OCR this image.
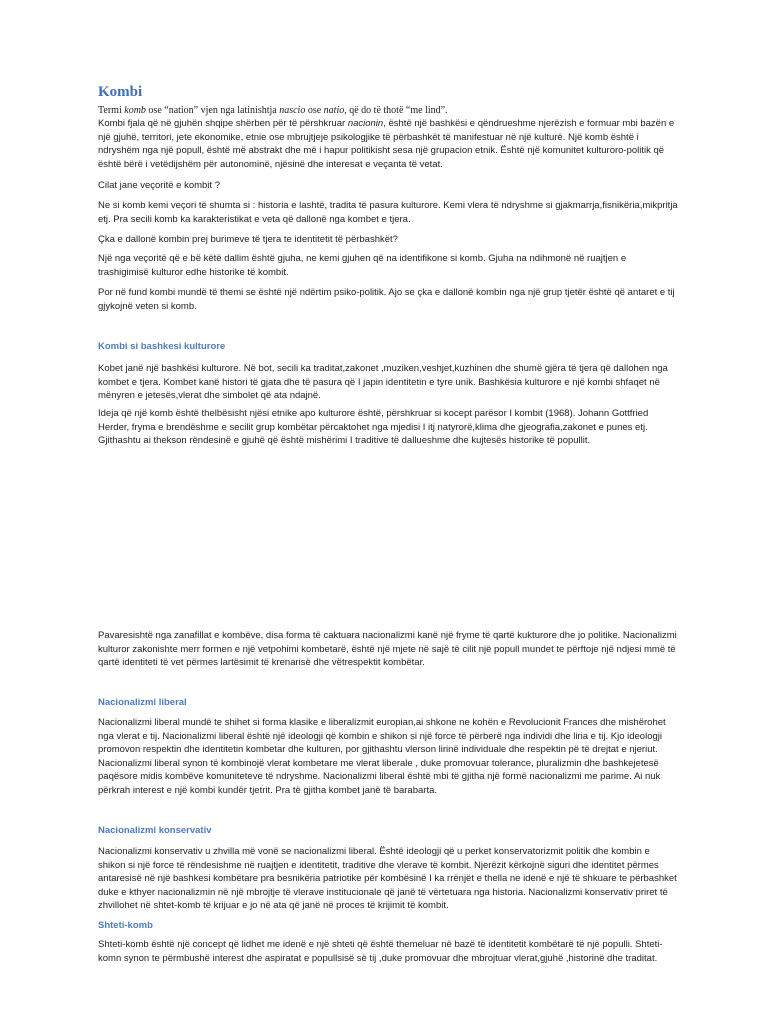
Kombi

Termi komb ose “nation” vjen nga latinishtja nascio ose natio, që do të thotë “me lind”.

Kombi fjala që në gjuhën shqipe shërben për të përshkruar nacionin, është një bashkësi e qëndrueshme njerëzish e formuar mbi bazën e një gjuhë, territori, jete ekonomike, etnie ose mbrujtjeje psikologjike të përbashkët të manifestuar në një kulturë. Një komb është i ndryshëm nga një popull, është më abstrakt dhe më i hapur politikisht sesa një grupacion etnik. Është një komunitet kulturoro-politik që është bërë i vetëdijshëm për autonominë, njësinë dhe interesat e veçanta të vetat.

Cilat jane veçoritë e kombit ?

Ne si komb kemi veçori të shumta si : historia e lashtë, tradita të pasura kulturore. Kemi vlera të ndryshme si gjakmarrja,fisnikëria,mikpritja etj. Pra secili komb ka karakteristikat e veta që dallonë nga kombet e tjera.

Çka e dallonë kombin prej burimeve të tjera te identitetit të përbashkët?

Një nga veçoritë që e bë këtë dallim është gjuha, ne kemi gjuhen që na identifikone si komb. Gjuha na ndihmonë në ruajtjen e trashigimisë kulturor edhe historike të kombit.

Por në fund kombi mundë të themi se është një ndërtim psiko-politik. Ajo se çka e dallonë kombin nga një grup tjetër është që antaret e tij gjykojnë veten si komb.

Kombi si bashkesi kulturore

Kobet janë një bashkësi kulturore. Në bot, secili ka traditat,zakonet ,muziken,veshjet,kuzhinen dhe shumë gjëra të tjera që dallohen nga kombet e tjera. Kombet kanë histori të gjata dhe të pasura që I japin identitetin e tyre unik. Bashkësia kulturore e një kombi shfaqet në mënyren e jetesës,vlerat dhe simbolet që ata ndajnë.

Ideja që një komb është thelbësisht njësi etnike apo kulturore është, përshkruar si kocept parësor I kombit (1968). Johann Gottfried Herder, fryma e brendëshme e secilit grup kombëtar përcaktohet nga mjedisi I itj natyrorë,klima dhe gjeografia,zakonet e punes etj. Gjithashtu ai thekson rëndesinë e gjuhë që është mishërimi I traditive të dallueshme dhe kujtesës historike të popullit.

Pavaresishtë nga zanafillat e kombëve, disa forma të caktuara nacionalizmi kanë një fryme të qartë kukturore dhe jo politike. Nacionalizmi kulturor zakonishte merr formen e një vetpohimi kombetarë, është një mjete në sajë të cilit një popull mundet te përftoje një ndjesi mmë të qartë identiteti të vet përmes lartësimit të krenarisë dhe vëtrespektit kombëtar.

Nacionalizmi liberal

Nacionalizmi liberal mundë te shihet si forma klasike e liberalizmit europian,ai shkone ne kohën e Revolucionit Frances dhe mishërohet nga vlerat e tij. Nacionalizmi liberal është një ideologji që kombin e shikon si një force të përberë nga individi dhe liria e tij. Kjo ideologji promovon respektin dhe identitetin kombetar dhe kulturen, por gjithashtu vlerson lirinë individuale dhe respektin pë të drejtat e njeriut. Nacionalizmi liberal synon të kombinojë vlerat kombetare me vlerat liberale , duke promovuar tolerance, pluralizmin dhe bashkejetesë paqësore midis kombëve komuniteteve të ndryshme. Nacionalizmi liberal është mbi të gjitha një formë nacionalizmi me parime. Ai nuk përkrah interest e një kombi kundër tjetrit. Pra të gjitha kombet janë të barabarta.

Nacionalizmi konservativ

Nacionalizmi konservativ u zhvilla më vonë se nacionalizmi liberal. Është ideologji që u perket konservatorizmit politik dhe kombin e shikon si një force të rëndesishme në ruajtjen e identitetit, traditive dhe vlerave të kombit. Njerëzit kërkojnë siguri dhe identitet përmes antaresisë në një bashkesi kombëtare pra besnikëria patriotike për kombësinë I ka rrënjët e thella ne idenë e një të shkuare te përbashket duke e kthyer nacionalizmin në një mbrojtje të vlerave institucionale që janë të vërtetuara nga historia. Nacionalizmi konservativ priret të zhvillohet në shtet-komb të krijuar e jo në ata që janë në proces të krijimit të kombit.

Shteti-komb

Shteti-komb është një concept që lidhet me idenë e një shteti që është themeluar në bazë të identitetit kombëtarë të një populli. Shteti-komn synon te përmbushë interest dhe aspiratat e popullsisë së tij ,duke promovuar dhe mbrojtuar vlerat,gjuhë ,historinë dhe traditat.
